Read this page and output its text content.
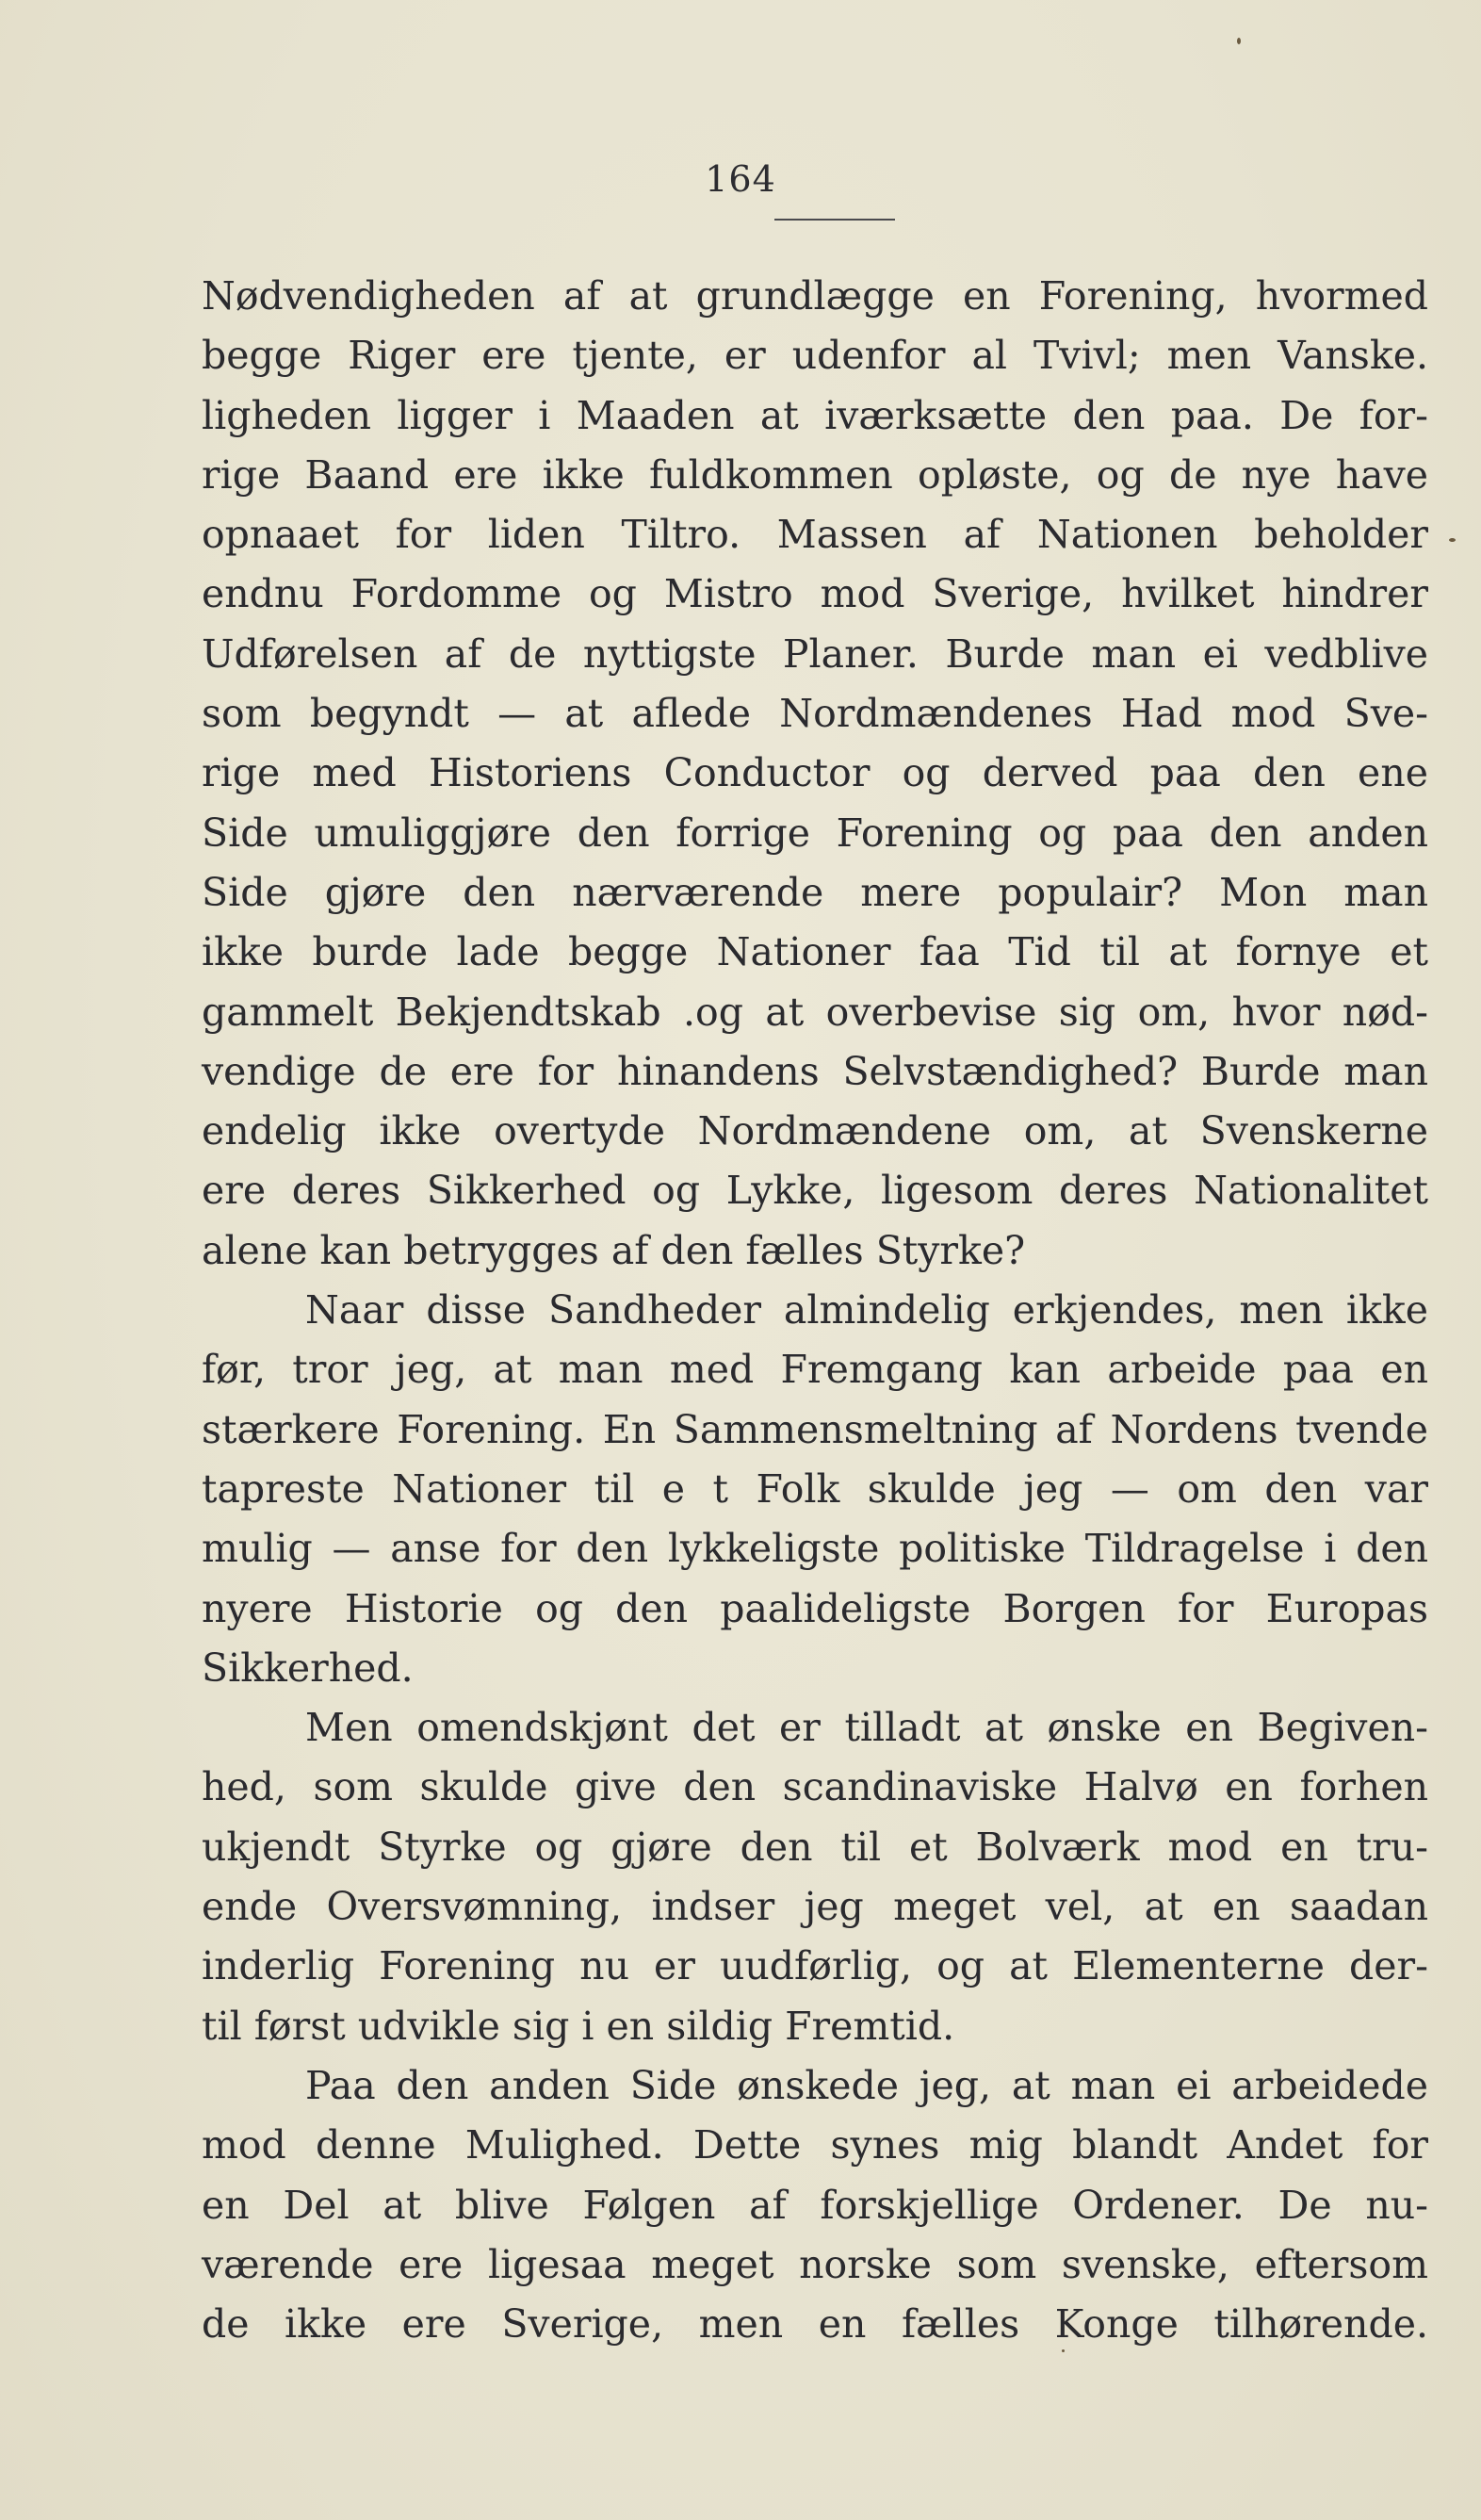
164
Nødvendigheden af at grundlægge en Forening, hvormed
begge Riger ere tjente, er udenfor al Tvivl; men Vanske.
ligheden ligger i Maaden at iværksætte den paa. De for-
rige Baand ere ikke fuldkommen opløste, og de nye have
opnaaet for liden Tiltro. Massen af Nationen beholder
endnu Fordomme og Mistro mod Sverige, hvilket hindrer
Udførelsen af de nyttigste Planer. Burde man ei vedblive
som begyndt — at aflede Nordmændenes Had mod Sve-
rige med Historiens Conductor og derved paa den ene
Side umuliggjøre den forrige Forening og paa den anden
Side gjøre den nærværende mere populair? Mon man
ikke burde lade begge Nationer faa Tid til at fornye et
gammelt Bekjendtskab .og at overbevise sig om, hvor nød-
vendige de ere for hinandens Selvstændighed? Burde man
endelig ikke overtyde Nordmændene om, at Svenskerne
ere deres Sikkerhed og Lykke, ligesom deres Nationalitet
alene kan betrygges af den fælles Styrke?
Naar disse Sandheder almindelig erkjendes, men ikke
før, tror jeg, at man med Fremgang kan arbeide paa en
stærkere Forening. En Sammensmeltning af Nordens tvende
tapreste Nationer til e t Folk skulde jeg — om den var
mulig — anse for den lykkeligste politiske Tildragelse i den
nyere Historie og den paalideligste Borgen for Europas
Sikkerhed.
Men omendskjønt det er tilladt at ønske en Begiven-
hed, som skulde give den scandinaviske Halvø en forhen
ukjendt Styrke og gjøre den til et Bolværk mod en tru-
ende Oversvømning, indser jeg meget vel, at en saadan
inderlig Forening nu er uudførlig, og at Elementerne der-
til først udvikle sig i en sildig Fremtid.
Paa den anden Side ønskede jeg, at man ei arbeidede
mod denne Mulighed. Dette synes mig blandt Andet for
en Del at blive Følgen af forskjellige Ordener. De nu-
værende ere ligesaa meget norske som svenske, eftersom
de ikke ere Sverige, men en fælles Konge tilhørende.
